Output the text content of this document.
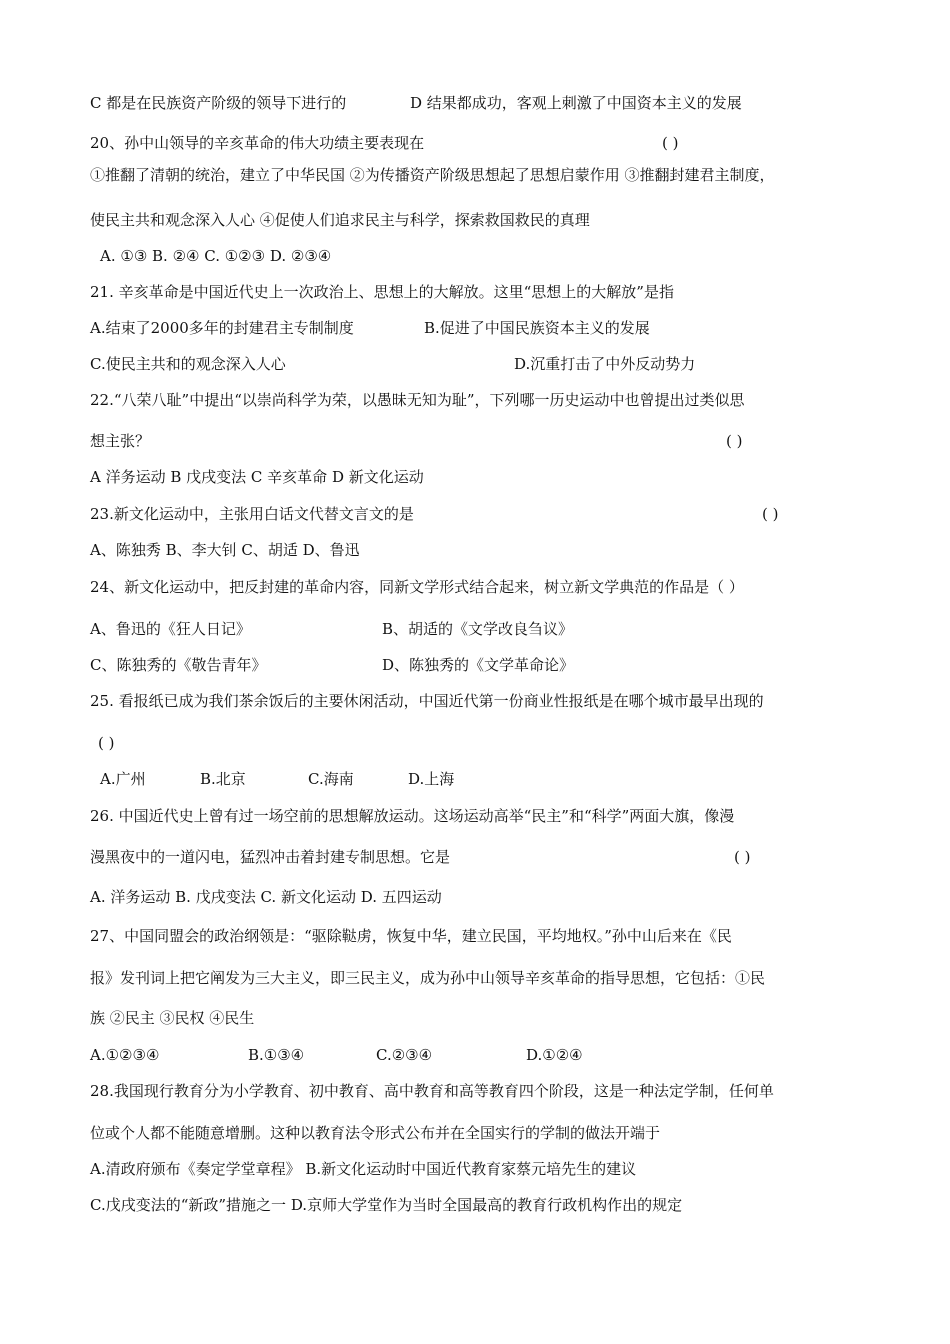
C 都是在民族资产阶级的领导下进行的	D 结果都成功，客观上刺激了中国资本主义的发展
20、孙中山领导的辛亥革命的伟大功绩主要表现在	( )
①推翻了清朝的统治，建立了中华民国 ②为传播资产阶级思想起了思想启蒙作用 ③推翻封建君主制度，
使民主共和观念深入人心 ④促使人们追求民主与科学，探索救国救民的真理
A. ①③ B. ②④ C. ①②③ D. ②③④
21. 辛亥革命是中国近代史上一次政治上、思想上的大解放。这里“思想上的大解放”是指
A.结束了2000多年的封建君主专制制度	B.促进了中国民族资本主义的发展
C.使民主共和的观念深入人心	D.沉重打击了中外反动势力
22.“八荣八耻”中提出“以崇尚科学为荣，以愚昧无知为耻”，下列哪一历史运动中也曾提出过类似思
想主张？	( )
A 洋务运动 B 戊戌变法 C 辛亥革命 D 新文化运动
23.新文化运动中，主张用白话文代替文言文的是	( )
A、陈独秀 B、李大钊 C、胡适 D、鲁迅
24、新文化运动中，把反封建的革命内容，同新文学形式结合起来，树立新文学典范的作品是（ ）
A、鲁迅的《狂人日记》	B、胡适的《文学改良刍议》
C、陈独秀的《敬告青年》	D、陈独秀的《文学革命论》
25. 看报纸已成为我们茶余饭后的主要休闲活动，中国近代第一份商业性报纸是在哪个城市最早出现的
( )
A.广州	B.北京	C.海南	D.上海
26. 中国近代史上曾有过一场空前的思想解放运动。这场运动高举“民主”和“科学”两面大旗，像漫
漫黑夜中的一道闪电，猛烈冲击着封建专制思想。它是	( )
A. 洋务运动 B. 戊戌变法 C. 新文化运动 D. 五四运动
27、中国同盟会的政治纲领是：“驱除鞑虏，恢复中华，建立民国，平均地权。”孙中山后来在《民
报》发刊词上把它阐发为三大主义，即三民主义，成为孙中山领导辛亥革命的指导思想，它包括：①民
族 ②民主 ③民权 ④民生
A.①②③④	B.①③④	C.②③④	D.①②④
28.我国现行教育分为小学教育、初中教育、高中教育和高等教育四个阶段，这是一种法定学制，任何单
位或个人都不能随意增删。这种以教育法令形式公布并在全国实行的学制的做法开端于
A.清政府颁布《奏定学堂章程》 B.新文化运动时中国近代教育家蔡元培先生的建议
C.戊戌变法的“新政”措施之一 D.京师大学堂作为当时全国最高的教育行政机构作出的规定
